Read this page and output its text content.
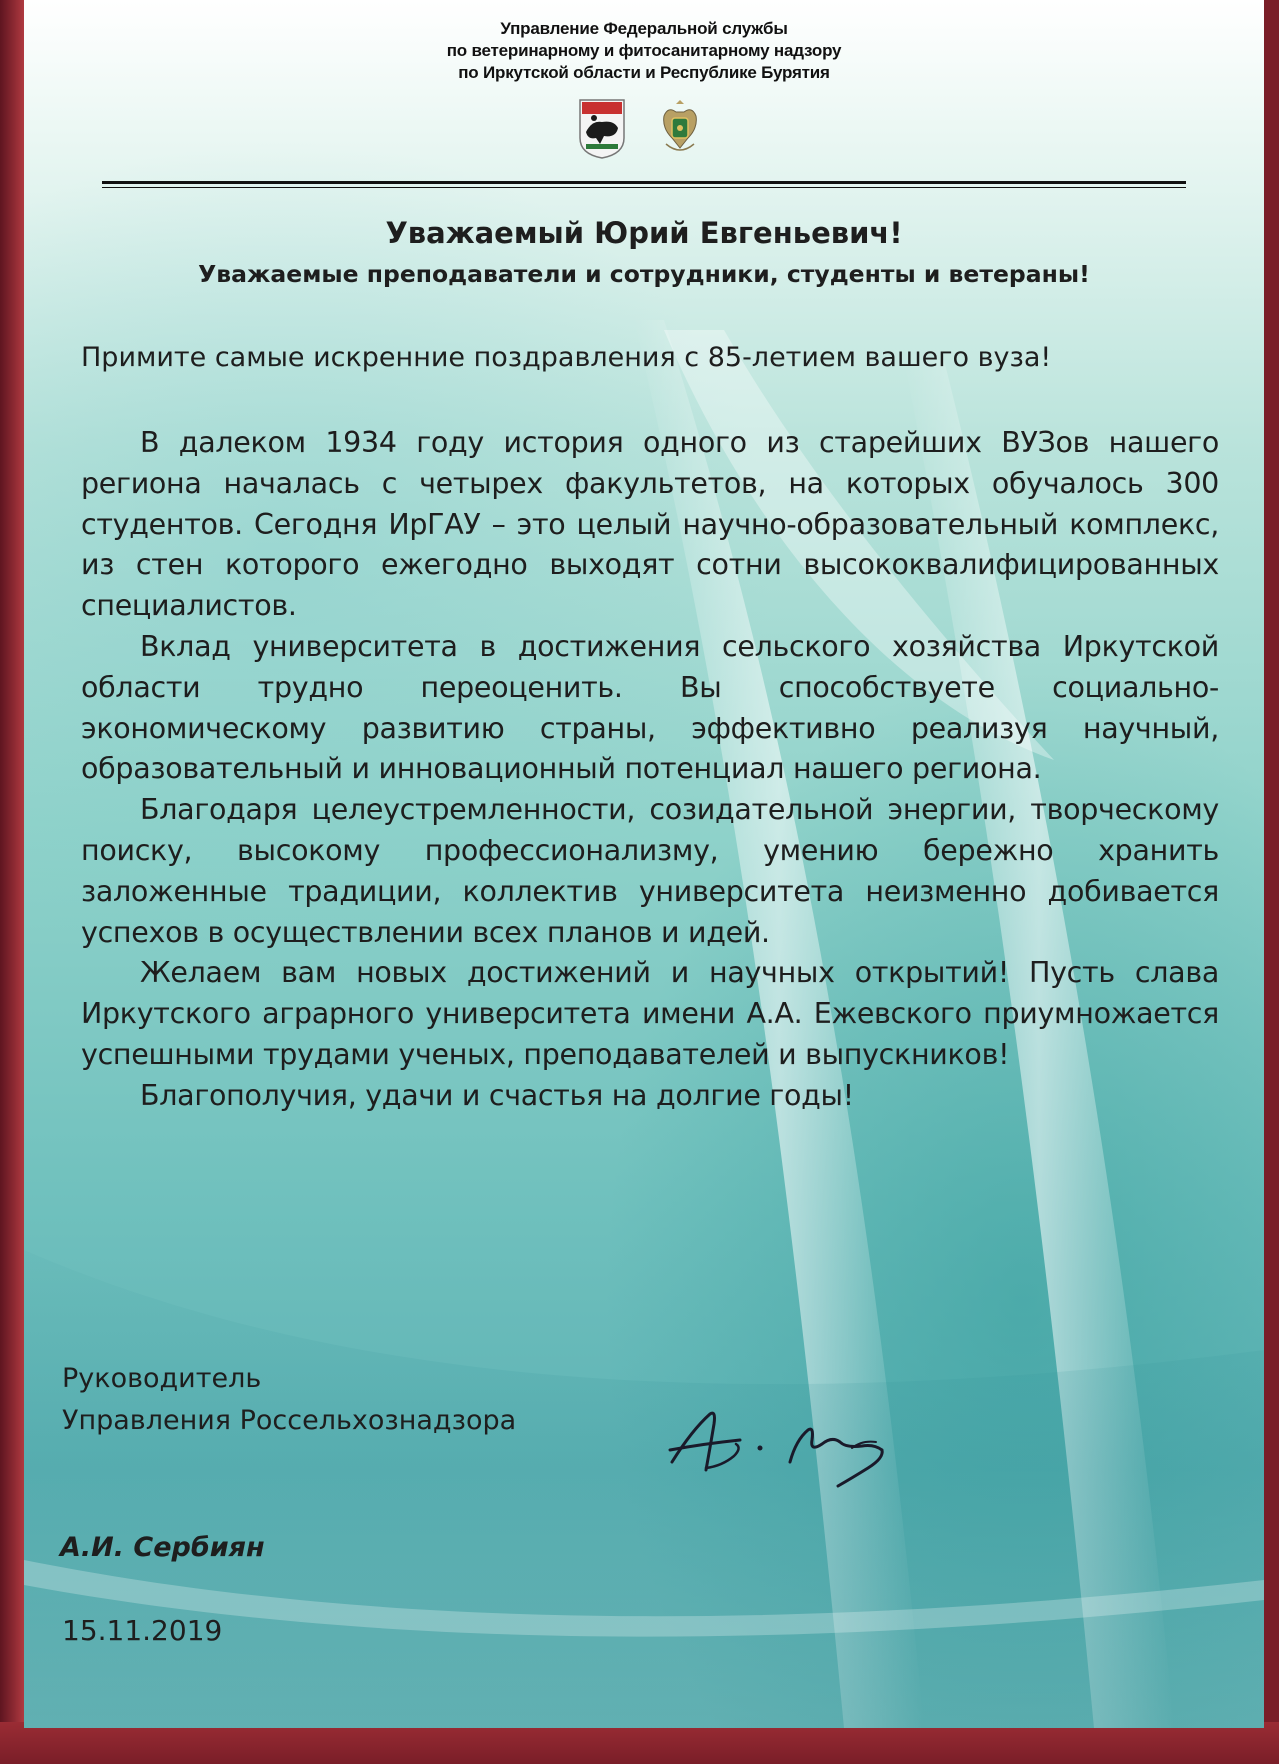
Управление Федеральной службы
по ветеринарному и фитосанитарному надзору
по Иркутской области и Республике Бурятия
Уважаемый Юрий Евгеньевич!
Уважаемые преподаватели и сотрудники, студенты и ветераны!
Примите самые искренние поздравления с 85-летием вашего вуза!

В далеком 1934 году история одного из старейших ВУЗов нашего региона началась с четырех факультетов, на которых обучалось 300 студентов. Сегодня ИрГАУ – это целый научно-образовательный комплекс, из стен которого ежегодно выходят сотни высококвалифицированных специалистов.

Вклад университета в достижения сельского хозяйства Иркутской области трудно переоценить. Вы способствуете социально-экономическому развитию страны, эффективно реализуя научный, образовательный и инновационный потенциал нашего региона.

Благодаря целеустремленности, созидательной энергии, творческому поиску, высокому профессионализму, умению бережно хранить заложенные традиции, коллектив университета неизменно добивается успехов в осуществлении всех планов и идей.

Желаем вам новых достижений и научных открытий! Пусть слава Иркутского аграрного университета имени А.А. Ежевского приумножается успешными трудами ученых, преподавателей и выпускников!

Благополучия, удачи и счастья на долгие годы!

Руководитель
Управления Россельхознадзора
А.И. Сербиян
15.11.2019
